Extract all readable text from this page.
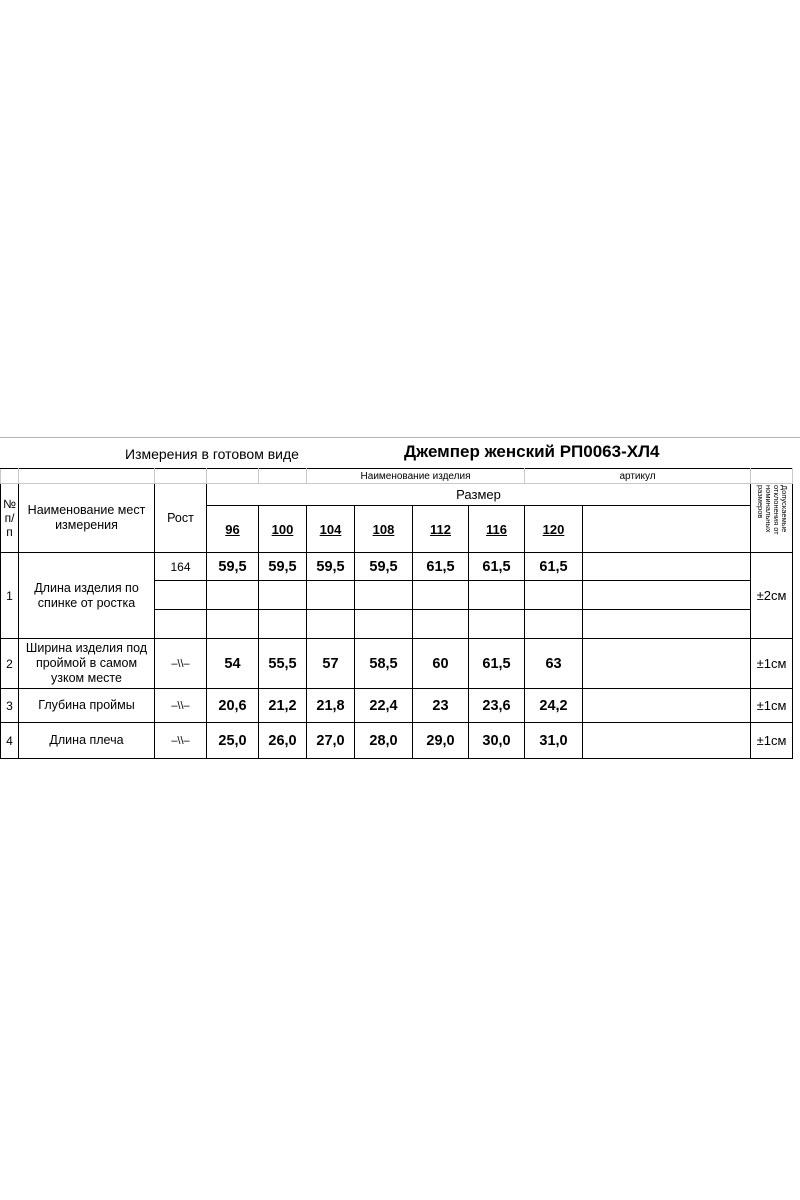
Измерения в готовом виде	Джемпер женский РП0063-ХЛ4
					Наименование изделия				артикул		
№ п/ п	Наименование мест измерения	Рост	Размер								Допускаемые отклонения от номинальных размеров

			96	100	104	108	112	116	120		
1	Длина изделия по спинке от ростка	164	59,5	59,5	59,5	59,5	61,5	61,5	61,5		±2см

2	Ширина изделия под проймой в самом узком месте	–\\–	54	55,5	57	58,5	60	61,5	63		±1см
3	Глубина проймы	–\\–	20,6	21,2	21,8	22,4	23	23,6	24,2		±1см
4	Длина плеча	–\\–	25,0	26,0	27,0	28,0	29,0	30,0	31,0		±1см
